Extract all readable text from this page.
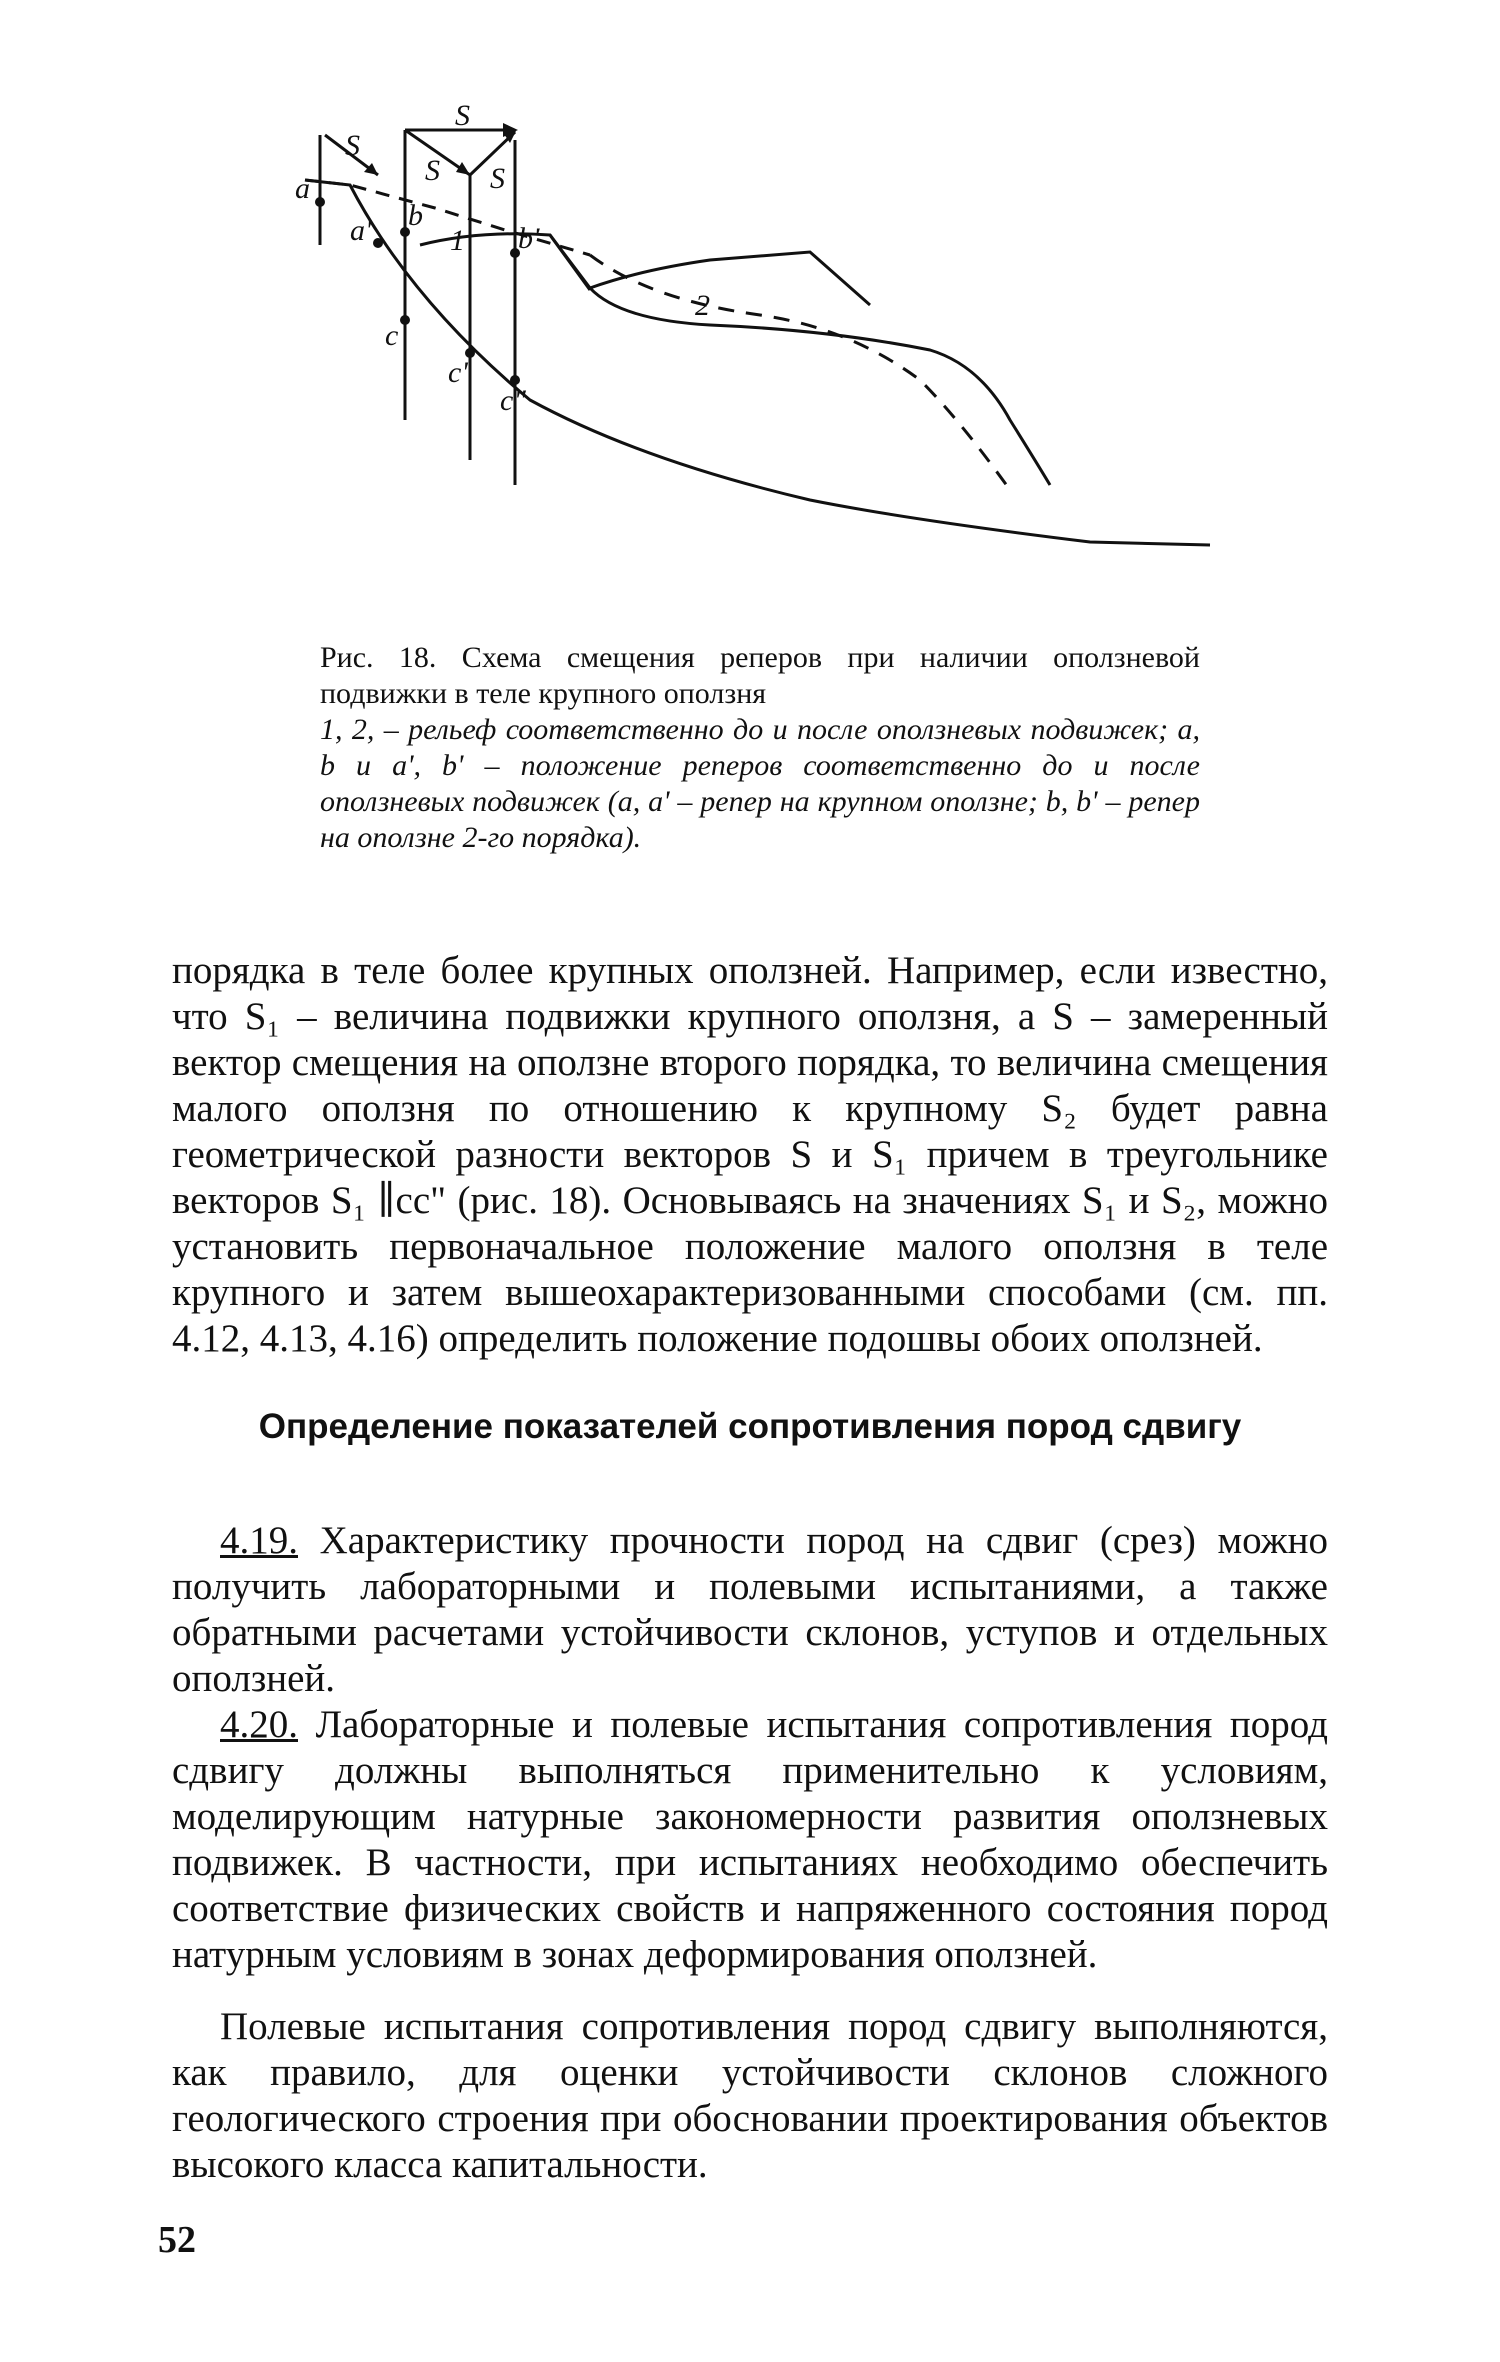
S
S
S S
a
a' b
b'
1
2
c
c'
c"
Рис. 18. Схема смещения реперов при наличии оползневой подвижки в теле крупного оползня
1, 2, – рельеф соответственно до и после оползневых подвижек; a, b и a', b' – положение реперов соответственно до и после оползневых подвижек (a, a' – репер на крупном оползне; b, b' – репер на оползне 2-го порядка).
порядка в теле более крупных оползней. Например, если известно, что S₁ – величина подвижки крупного оползня, а S – замеренный вектор смещения на оползне второго порядка, то величина смещения малого оползня по отношению к крупному S₂ будет равна геометрической разности векторов S и S₁ причем в треугольнике векторов S₁ ∥cc" (рис. 18). Основываясь на значениях S₁ и S₂, можно установить первоначальное положение малого оползня в теле крупного и затем вышеохарактеризованными способами (см. пп. 4.12, 4.13, 4.16) определить положение подошвы обоих оползней.
Определение показателей сопротивления пород сдвигу
4.19. Характеристику прочности пород на сдвиг (срез) можно получить лабораторными и полевыми испытаниями, а также обратными расчетами устойчивости склонов, уступов и отдельных оползней.
4.20. Лабораторные и полевые испытания сопротивления пород сдвигу должны выполняться применительно к условиям, моделирующим натурные закономерности развития оползневых подвижек. В частности, при испытаниях необходимо обеспечить соответствие физических свойств и напряженного состояния пород натурным условиям в зонах деформирования оползней.
Полевые испытания сопротивления пород сдвигу выполняются, как правило, для оценки устойчивости склонов сложного геологического строения при обосновании проектирования объектов высокого класса капитальности.
52
